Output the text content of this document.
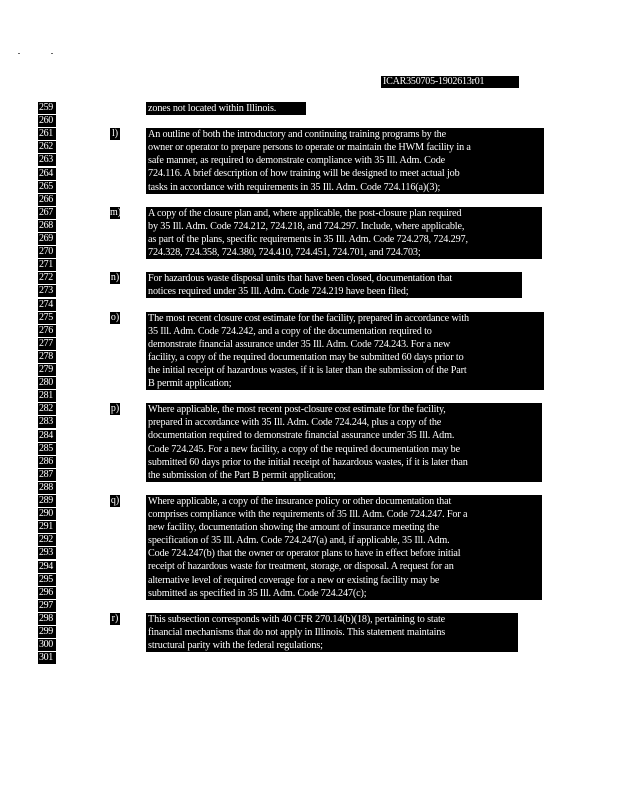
ICAR350705-1902613r01
259
260
261
262
263
264
265
266
267
268
269
270
271
272
273
274
275
276
277
278
279
280
281
282
283
284
285
286
287
288
289
290
291
292
293
294
295
296
297
298
299
300
301
zones not located within Illinois.
l)	An outline of both the introductory and continuing training programs by the
owner or operator to prepare persons to operate or maintain the HWM facility in a
safe manner, as required to demonstrate compliance with 35 Ill. Adm. Code
724.116. A brief description of how training will be designed to meet actual job
tasks in accordance with requirements in 35 Ill. Adm. Code 724.116(a)(3);
m)	A copy of the closure plan and, where applicable, the post-closure plan required
by 35 Ill. Adm. Code 724.212, 724.218, and 724.297. Include, where applicable,
as part of the plans, specific requirements in 35 Ill. Adm. Code 724.278, 724.297,
724.328, 724.358, 724.380, 724.410, 724.451, 724.701, and 724.703;
n)	For hazardous waste disposal units that have been closed, documentation that
notices required under 35 Ill. Adm. Code 724.219 have been filed;
o)	The most recent closure cost estimate for the facility, prepared in accordance with
35 Ill. Adm. Code 724.242, and a copy of the documentation required to
demonstrate financial assurance under 35 Ill. Adm. Code 724.243. For a new
facility, a copy of the required documentation may be submitted 60 days prior to
the initial receipt of hazardous wastes, if it is later than the submission of the Part
B permit application;
p)	Where applicable, the most recent post-closure cost estimate for the facility,
prepared in accordance with 35 Ill. Adm. Code 724.244, plus a copy of the
documentation required to demonstrate financial assurance under 35 Ill. Adm.
Code 724.245. For a new facility, a copy of the required documentation may be
submitted 60 days prior to the initial receipt of hazardous wastes, if it is later than
the submission of the Part B permit application;
q)	Where applicable, a copy of the insurance policy or other documentation that
comprises compliance with the requirements of 35 Ill. Adm. Code 724.247. For a
new facility, documentation showing the amount of insurance meeting the
specification of 35 Ill. Adm. Code 724.247(a) and, if applicable, 35 Ill. Adm.
Code 724.247(b) that the owner or operator plans to have in effect before initial
receipt of hazardous waste for treatment, storage, or disposal. A request for an
alternative level of required coverage for a new or existing facility may be
submitted as specified in 35 Ill. Adm. Code 724.247(c);
r)	This subsection corresponds with 40 CFR 270.14(b)(18), pertaining to state
financial mechanisms that do not apply in Illinois. This statement maintains
structural parity with the federal regulations;
